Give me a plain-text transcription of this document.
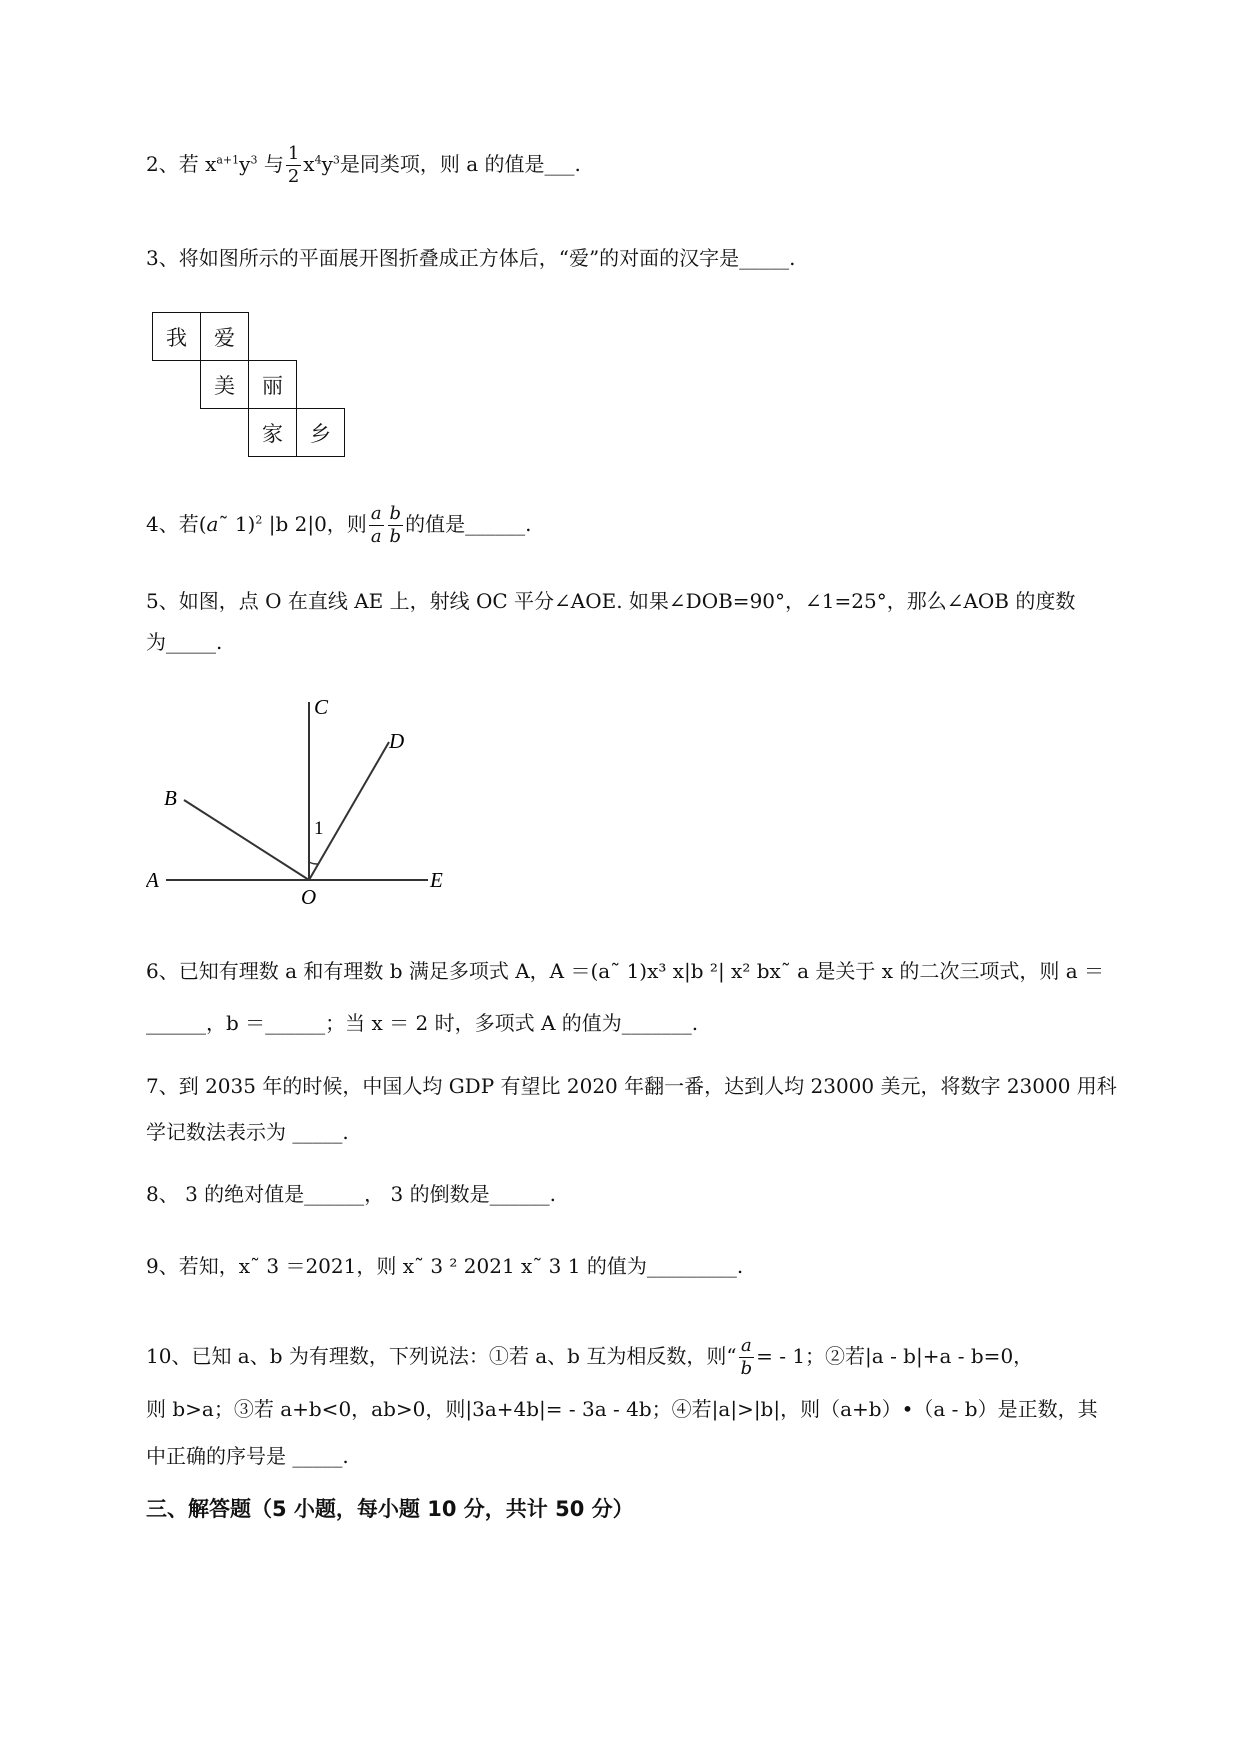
2、若 $x^{a+1}y^3$ 与 $\frac{1}{2} x^4y^3$是同类项，则 a 的值是___.
3、将如图所示的平面展开图折叠成正方体后，“爱”的对面的汉字是_____.
我	爱
美	丽
家	乡
4、若(a˜ 1)$^2$ |b 2|0，则 $\frac{a}{a} \frac{b}{b}$ 的值是______.
5、如图，点 O 在直线 AE 上，射线 OC 平分∠AOE. 如果∠DOB=90°，∠1=25°，那么∠AOB 的度数
为_____.
C
D
B
A
O
E
1
6、已知有理数 a 和有理数 b 满足多项式 A，A ＝(a˜ 1)x³ x|b ²| x² bx˜ a 是关于 x 的二次三项式，则 a ＝
______，b ＝______；当 x ＝ 2 时，多项式 A 的值为_______.
7、到 2035 年的时候，中国人均 GDP 有望比 2020 年翻一番，达到人均 23000 美元，将数字 23000 用科
学记数法表示为 _____.
8、 3 的绝对值是______， 3 的倒数是______.
9、若知，x˜ 3 ＝2021，则 x˜ 3 ² 2021 x˜ 3 1 的值为_________.
10、已知 a、b 为有理数，下列说法：①若 a、b 互为相反数，则“ $\frac{a}{b}$ = - 1；②若|a - b|+a - b=0，
则 b>a；③若 a+b<0，ab>0，则|3a+4b|= - 3a - 4b；④若|a|>|b|，则（a+b）•（a - b）是正数，其
中正确的序号是 _____.
三、解答题（5 小题，每小题 10 分，共计 50 分）
